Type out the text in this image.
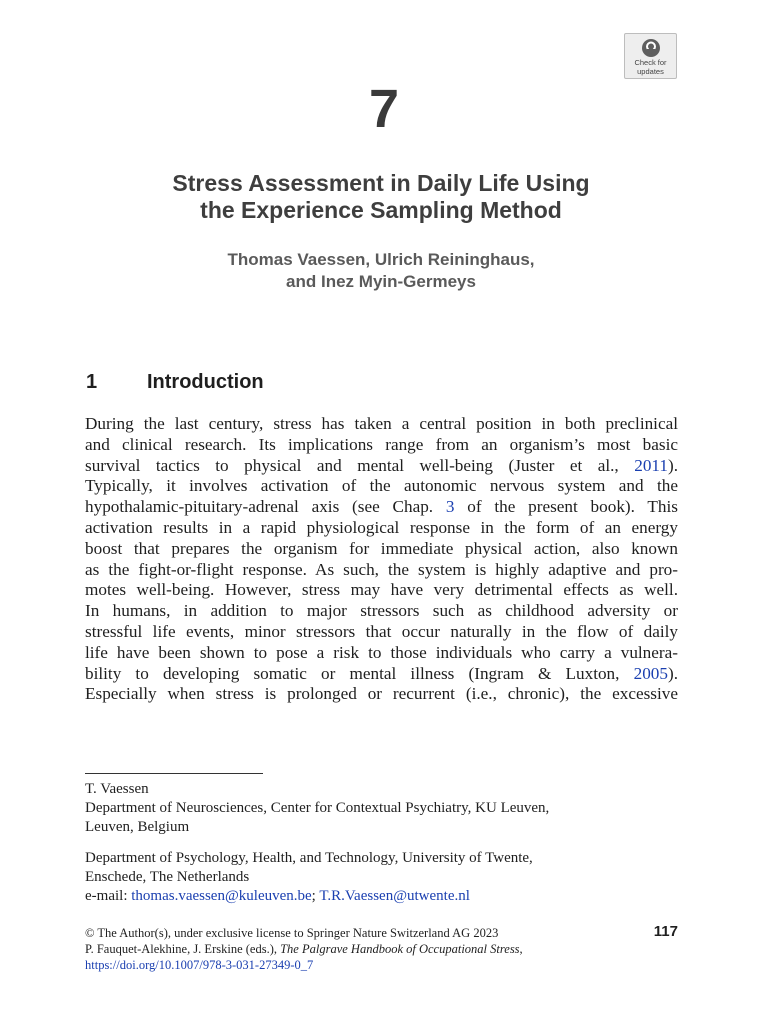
Check for
updates
7
Stress Assessment in Daily Life Using
the Experience Sampling Method
Thomas Vaessen, Ulrich Reininghaus,
and Inez Myin-Germeys
1 Introduction
During the last century, stress has taken a central position in both preclinical
and clinical research. Its implications range from an organism’s most basic
survival tactics to physical and mental well-being (Juster et al., 2011).
Typically, it involves activation of the autonomic nervous system and the
hypothalamic-pituitary-adrenal axis (see Chap. 3 of the present book). This
activation results in a rapid physiological response in the form of an energy
boost that prepares the organism for immediate physical action, also known
as the fight-or-flight response. As such, the system is highly adaptive and pro-
motes well-being. However, stress may have very detrimental effects as well.
In humans, in addition to major stressors such as childhood adversity or
stressful life events, minor stressors that occur naturally in the flow of daily
life have been shown to pose a risk to those individuals who carry a vulnera-
bility to developing somatic or mental illness (Ingram & Luxton, 2005).
Especially when stress is prolonged or recurrent (i.e., chronic), the excessive
T. Vaessen
Department of Neurosciences, Center for Contextual Psychiatry, KU Leuven,
Leuven, Belgium
Department of Psychology, Health, and Technology, University of Twente,
Enschede, The Netherlands
e-mail: thomas.vaessen@kuleuven.be; T.R.Vaessen@utwente.nl
© The Author(s), under exclusive license to Springer Nature Switzerland AG 2023
P. Fauquet-Alekhine, J. Erskine (eds.), The Palgrave Handbook of Occupational Stress,
https://doi.org/10.1007/978-3-031-27349-0_7
117
